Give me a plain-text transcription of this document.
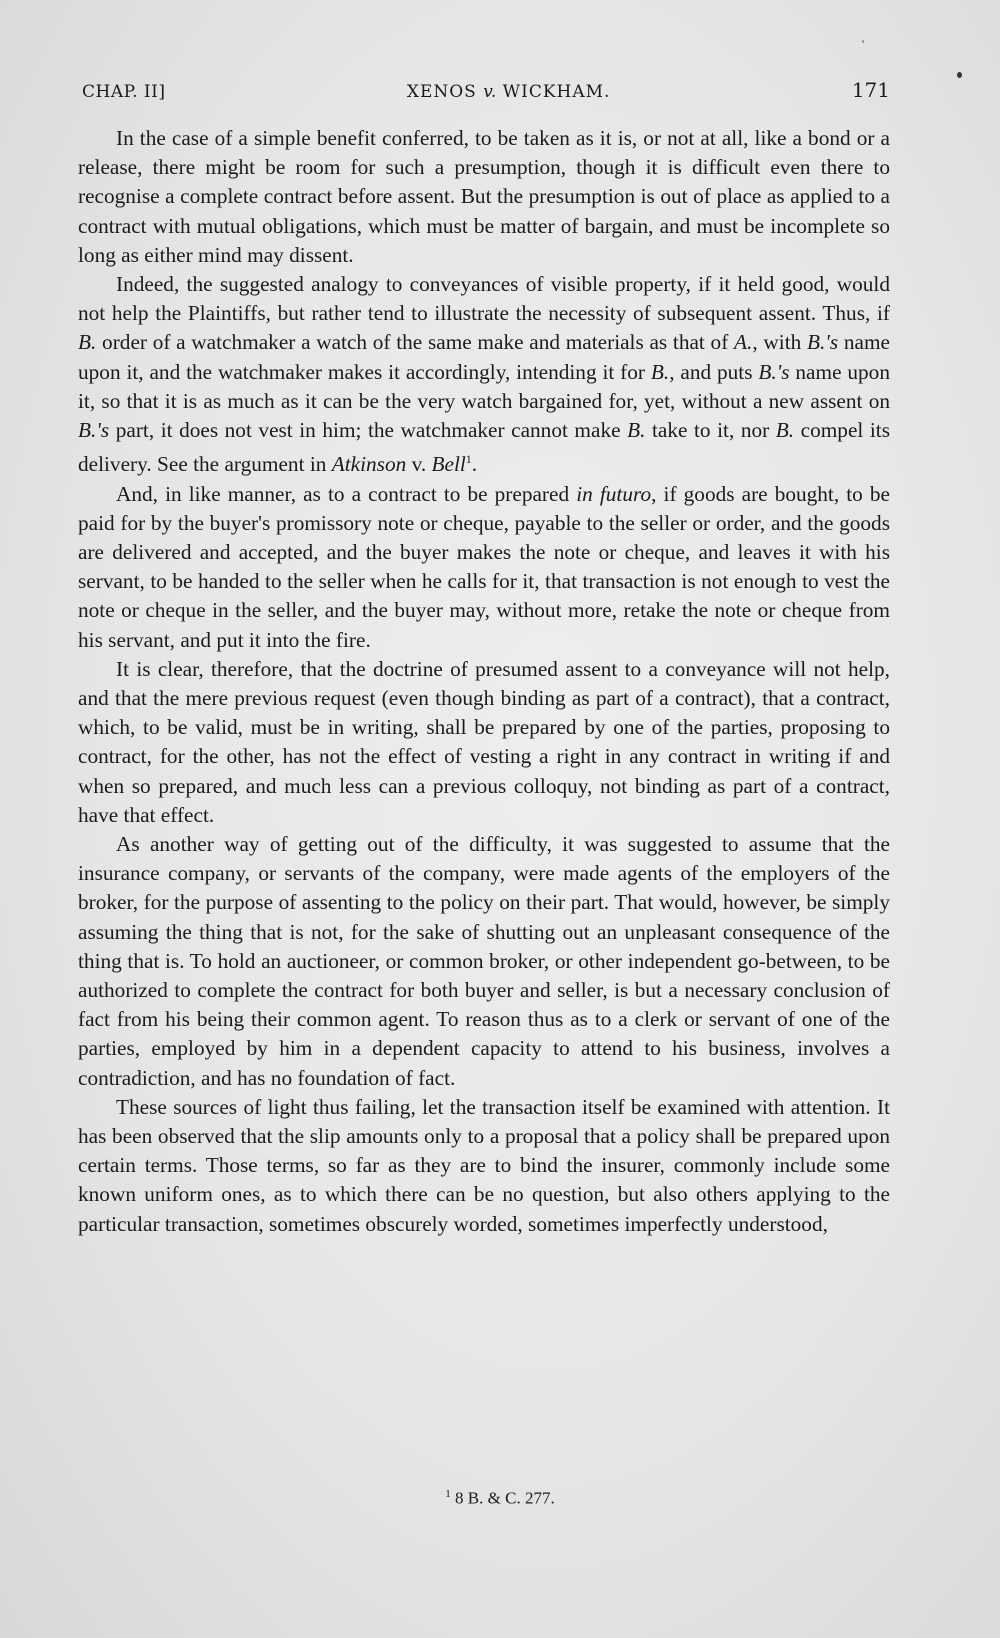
CHAP. II]	XENOS v. WICKHAM.	171

In the case of a simple benefit conferred, to be taken as it is, or not at all, like a bond or a release, there might be room for such a presumption, though it is difficult even there to recognise a complete contract before assent. But the presumption is out of place as applied to a contract with mutual obligations, which must be matter of bargain, and must be incomplete so long as either mind may dissent.

Indeed, the suggested analogy to conveyances of visible property, if it held good, would not help the Plaintiffs, but rather tend to illustrate the necessity of subsequent assent. Thus, if B. order of a watchmaker a watch of the same make and materials as that of A., with B.'s name upon it, and the watchmaker makes it accordingly, intending it for B., and puts B.'s name upon it, so that it is as much as it can be the very watch bargained for, yet, without a new assent on B.'s part, it does not vest in him; the watchmaker cannot make B. take to it, nor B. compel its delivery. See the argument in Atkinson v. Bell$^1$.

And, in like manner, as to a contract to be prepared in futuro, if goods are bought, to be paid for by the buyer's promissory note or cheque, payable to the seller or order, and the goods are delivered and accepted, and the buyer makes the note or cheque, and leaves it with his servant, to be handed to the seller when he calls for it, that transaction is not enough to vest the note or cheque in the seller, and the buyer may, without more, retake the note or cheque from his servant, and put it into the fire.

It is clear, therefore, that the doctrine of presumed assent to a conveyance will not help, and that the mere previous request (even though binding as part of a contract), that a contract, which, to be valid, must be in writing, shall be prepared by one of the parties, proposing to contract, for the other, has not the effect of vesting a right in any contract in writing if and when so prepared, and much less can a previous colloquy, not binding as part of a contract, have that effect.

As another way of getting out of the difficulty, it was suggested to assume that the insurance company, or servants of the company, were made agents of the employers of the broker, for the purpose of assenting to the policy on their part. That would, however, be simply assuming the thing that is not, for the sake of shutting out an unpleasant consequence of the thing that is. To hold an auctioneer, or common broker, or other independent go-between, to be authorized to complete the contract for both buyer and seller, is but a necessary conclusion of fact from his being their common agent. To reason thus as to a clerk or servant of one of the parties, employed by him in a dependent capacity to attend to his business, involves a contradiction, and has no foundation of fact.

These sources of light thus failing, let the transaction itself be examined with attention. It has been observed that the slip amounts only to a proposal that a policy shall be prepared upon certain terms. Those terms, so far as they are to bind the insurer, commonly include some known uniform ones, as to which there can be no question, but also others applying to the particular transaction, sometimes obscurely worded, sometimes imperfectly understood,

$^1$ 8 B. & C. 277.
